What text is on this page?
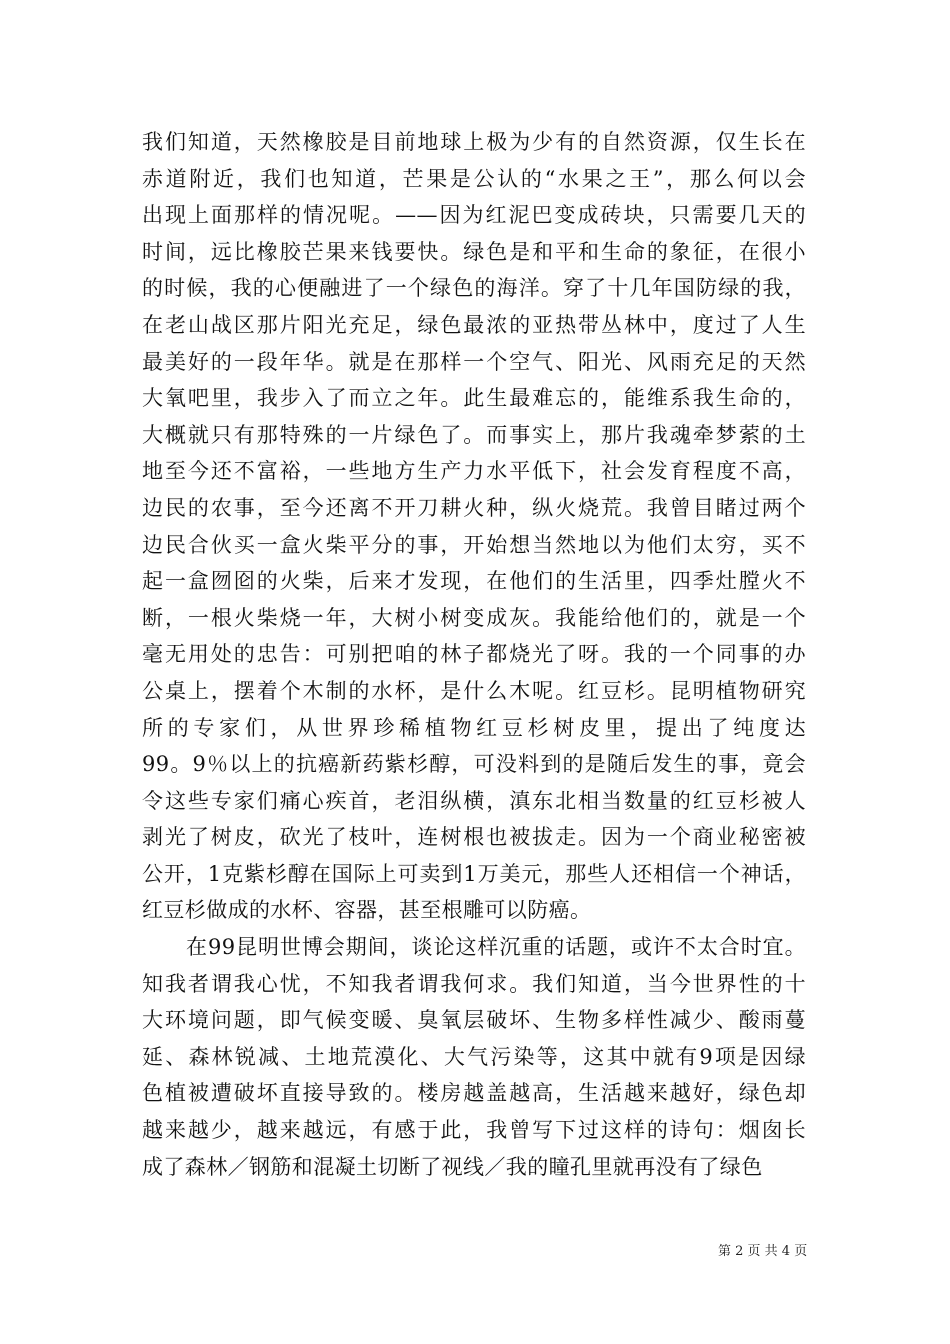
我们知道，天然橡胶是目前地球上极为少有的自然资源，仅生长在
赤道附近，我们也知道，芒果是公认的“水果之王”，那么何以会
出现上面那样的情况呢。——因为红泥巴变成砖块，只需要几天的
时间，远比橡胶芒果来钱要快。绿色是和平和生命的象征，在很小
的时候，我的心便融进了一个绿色的海洋。穿了十几年国防绿的我，
在老山战区那片阳光充足，绿色最浓的亚热带丛林中，度过了人生
最美好的一段年华。就是在那样一个空气、阳光、风雨充足的天然
大氧吧里，我步入了而立之年。此生最难忘的，能维系我生命的，
大概就只有那特殊的一片绿色了。而事实上，那片我魂牵梦萦的土
地至今还不富裕，一些地方生产力水平低下，社会发育程度不高，
边民的农事，至今还离不开刀耕火种，纵火烧荒。我曾目睹过两个
边民合伙买一盒火柴平分的事，开始想当然地以为他们太穷，买不
起一盒囫囵的火柴，后来才发现，在他们的生活里，四季灶膛火不
断，一根火柴烧一年，大树小树变成灰。我能给他们的，就是一个
毫无用处的忠告：可别把咱的林子都烧光了呀。我的一个同事的办
公桌上，摆着个木制的水杯，是什么木呢。红豆杉。昆明植物研究
所的专家们，从世界珍稀植物红豆杉树皮里，提出了纯度达
99。9％以上的抗癌新药紫杉醇，可没料到的是随后发生的事，竟会
令这些专家们痛心疾首，老泪纵横，滇东北相当数量的红豆杉被人
剥光了树皮，砍光了枝叶，连树根也被拔走。因为一个商业秘密被
公开，1克紫杉醇在国际上可卖到1万美元，那些人还相信一个神话，
红豆杉做成的水杯、容器，甚至根雕可以防癌。
在99昆明世博会期间，谈论这样沉重的话题，或许不太合时宜。
知我者谓我心忧，不知我者谓我何求。我们知道，当今世界性的十
大环境问题，即气候变暖、臭氧层破坏、生物多样性减少、酸雨蔓
延、森林锐减、土地荒漠化、大气污染等，这其中就有9项是因绿
色植被遭破坏直接导致的。楼房越盖越高，生活越来越好，绿色却
越来越少，越来越远，有感于此，我曾写下过这样的诗句：烟囱长
成了森林／钢筋和混凝土切断了视线／我的瞳孔里就再没有了绿色
第 2 页 共 4 页
